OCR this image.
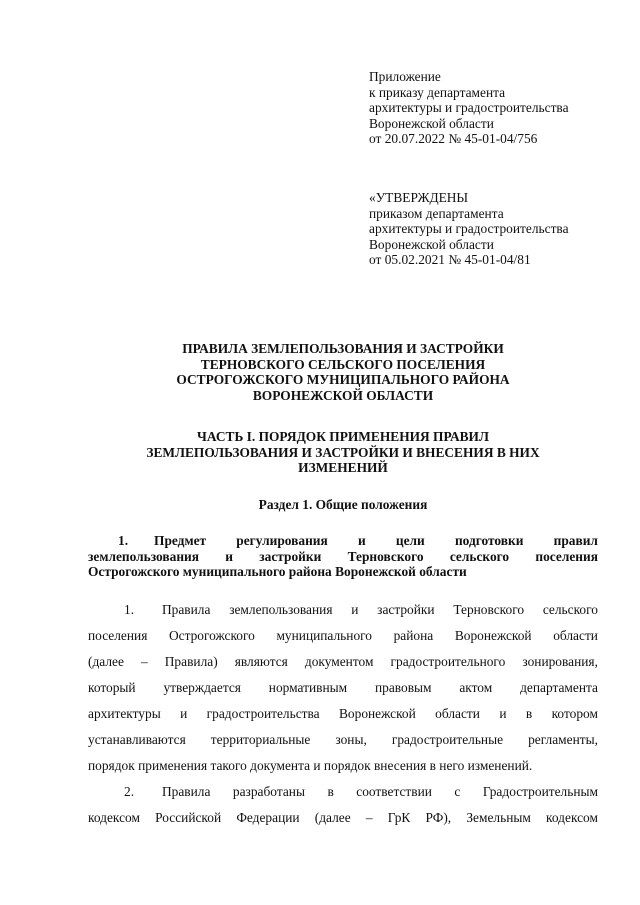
Приложение
к приказу департамента
архитектуры и градостроительства
Воронежской области
от 20.07.2022 № 45-01-04/756
«УТВЕРЖДЕНЫ
приказом департамента
архитектуры и градостроительства
Воронежской области
от 05.02.2021 № 45-01-04/81
ПРАВИЛА ЗЕМЛЕПОЛЬЗОВАНИЯ И ЗАСТРОЙКИ
ТЕРНОВСКОГО СЕЛЬСКОГО ПОСЕЛЕНИЯ
ОСТРОГОЖСКОГО МУНИЦИПАЛЬНОГО РАЙОНА
ВОРОНЕЖСКОЙ ОБЛАСТИ
ЧАСТЬ I. ПОРЯДОК ПРИМЕНЕНИЯ ПРАВИЛ
ЗЕМЛЕПОЛЬЗОВАНИЯ И ЗАСТРОЙКИ И ВНЕСЕНИЯ В НИХ
ИЗМЕНЕНИЙ
Раздел 1. Общие положения
1. Предмет регулирования и цели подготовки правил
землепользования и застройки Терновского сельского поселения
Острогожского муниципального района Воронежской области
1.	Правила землепользования и застройки Терновского сельского
поселения Острогожского муниципального района Воронежской области
(далее – Правила) являются документом градостроительного зонирования,
который утверждается нормативным правовым актом департамента
архитектуры и градостроительства Воронежской области и в котором
устанавливаются территориальные зоны, градостроительные регламенты,
порядок применения такого документа и порядок внесения в него изменений.
2.	Правила разработаны в соответствии с Градостроительным
кодексом Российской Федерации (далее – ГрК РФ), Земельным кодексом
